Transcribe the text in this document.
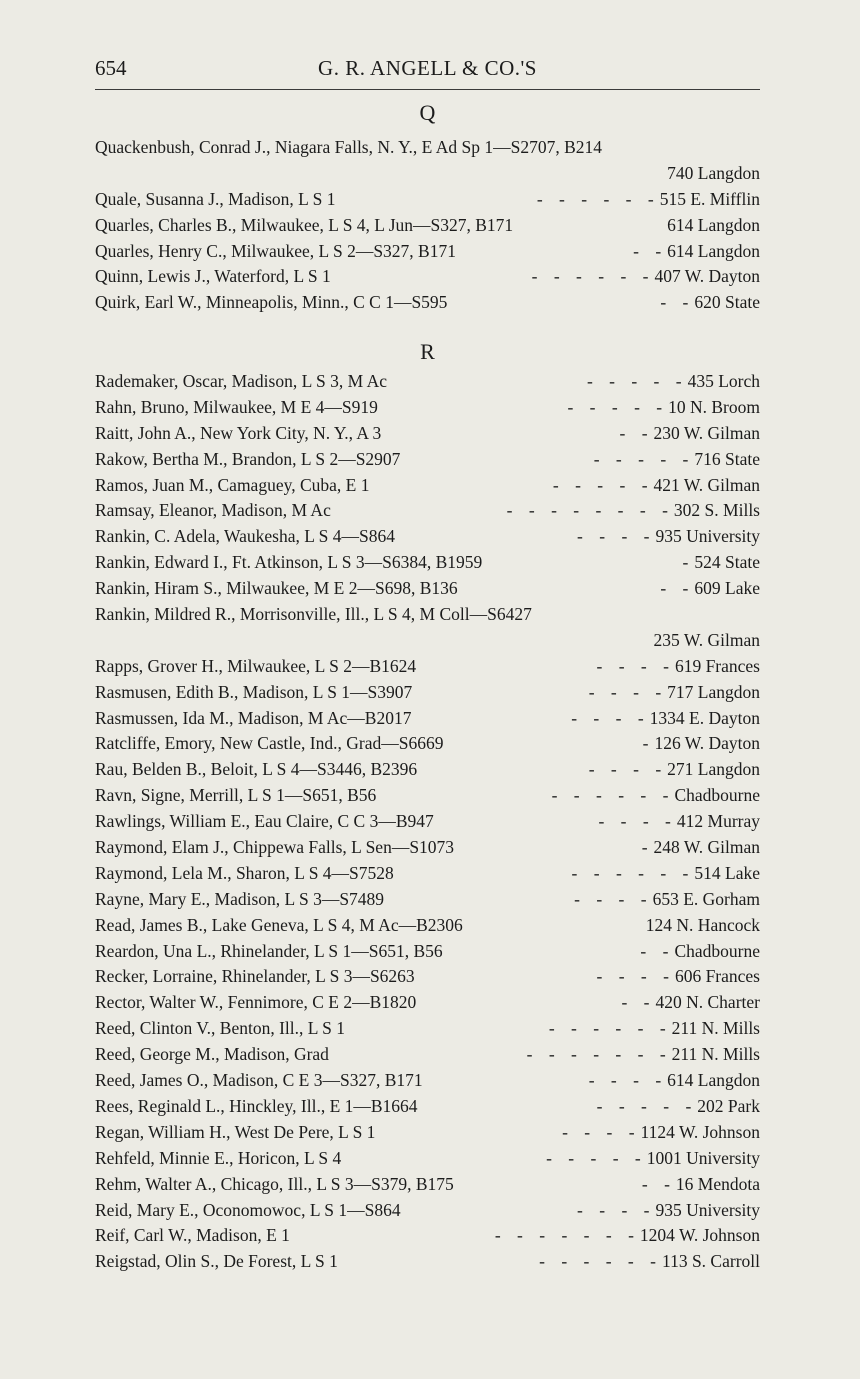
654	G. R. ANGELL & CO.'S
Q
Quackenbush, Conrad J., Niagara Falls, N. Y., E Ad Sp 1—S2707, B214
740 Langdon
Quale, Susanna J., Madison, L S 1	- - - - - -515 E. Mifflin
Quarles, Charles B., Milwaukee, L S 4, L Jun—S327, B171	614 Langdon
Quarles, Henry C., Milwaukee, L S 2—S327, B171	- -614 Langdon
Quinn, Lewis J., Waterford, L S 1	- - - - - -407 W. Dayton
Quirk, Earl W., Minneapolis, Minn., C C 1—S595	- -620 State
R
Rademaker, Oscar, Madison, L S 3, M Ac	- - - - -435 Lorch
Rahn, Bruno, Milwaukee, M E 4—S919	- - - - -10 N. Broom
Raitt, John A., New York City, N. Y., A 3	- -230 W. Gilman
Rakow, Bertha M., Brandon, L S 2—S2907	- - - - -716 State
Ramos, Juan M., Camaguey, Cuba, E 1	- - - - -421 W. Gilman
Ramsay, Eleanor, Madison, M Ac	- - - - - - - -302 S. Mills
Rankin, C. Adela, Waukesha, L S 4—S864	- - - -935 University
Rankin, Edward I., Ft. Atkinson, L S 3—S6384, B1959	-524 State
Rankin, Hiram S., Milwaukee, M E 2—S698, B136	- -609 Lake
Rankin, Mildred R., Morrisonville, Ill., L S 4, M Coll—S6427
235 W. Gilman
Rapps, Grover H., Milwaukee, L S 2—B1624	- - - -619 Frances
Rasmusen, Edith B., Madison, L S 1—S3907	- - - -717 Langdon
Rasmussen, Ida M., Madison, M Ac—B2017	- - - -1334 E. Dayton
Ratcliffe, Emory, New Castle, Ind., Grad—S6669	-126 W. Dayton
Rau, Belden B., Beloit, L S 4—S3446, B2396	- - - -271 Langdon
Ravn, Signe, Merrill, L S 1—S651, B56	- - - - - -Chadbourne
Rawlings, William E., Eau Claire, C C 3—B947	- - - -412 Murray
Raymond, Elam J., Chippewa Falls, L Sen—S1073	-248 W. Gilman
Raymond, Lela M., Sharon, L S 4—S7528	- - - - - -514 Lake
Rayne, Mary E., Madison, L S 3—S7489	- - - -653 E. Gorham
Read, James B., Lake Geneva, L S 4, M Ac—B2306	124 N. Hancock
Reardon, Una L., Rhinelander, L S 1—S651, B56	- -Chadbourne
Recker, Lorraine, Rhinelander, L S 3—S6263	- - - -606 Frances
Rector, Walter W., Fennimore, C E 2—B1820	- -420 N. Charter
Reed, Clinton V., Benton, Ill., L S 1	- - - - - -211 N. Mills
Reed, George M., Madison, Grad	- - - - - - -211 N. Mills
Reed, James O., Madison, C E 3—S327, B171	- - - -614 Langdon
Rees, Reginald L., Hinckley, Ill., E 1—B1664	- - - - -202 Park
Regan, William H., West De Pere, L S 1	- - - -1124 W. Johnson
Rehfeld, Minnie E., Horicon, L S 4	- - - - -1001 University
Rehm, Walter A., Chicago, Ill., L S 3—S379, B175	- -16 Mendota
Reid, Mary E., Oconomowoc, L S 1—S864	- - - -935 University
Reif, Carl W., Madison, E 1	- - - - - - -1204 W. Johnson
Reigstad, Olin S., De Forest, L S 1	- - - - - -113 S. Carroll
